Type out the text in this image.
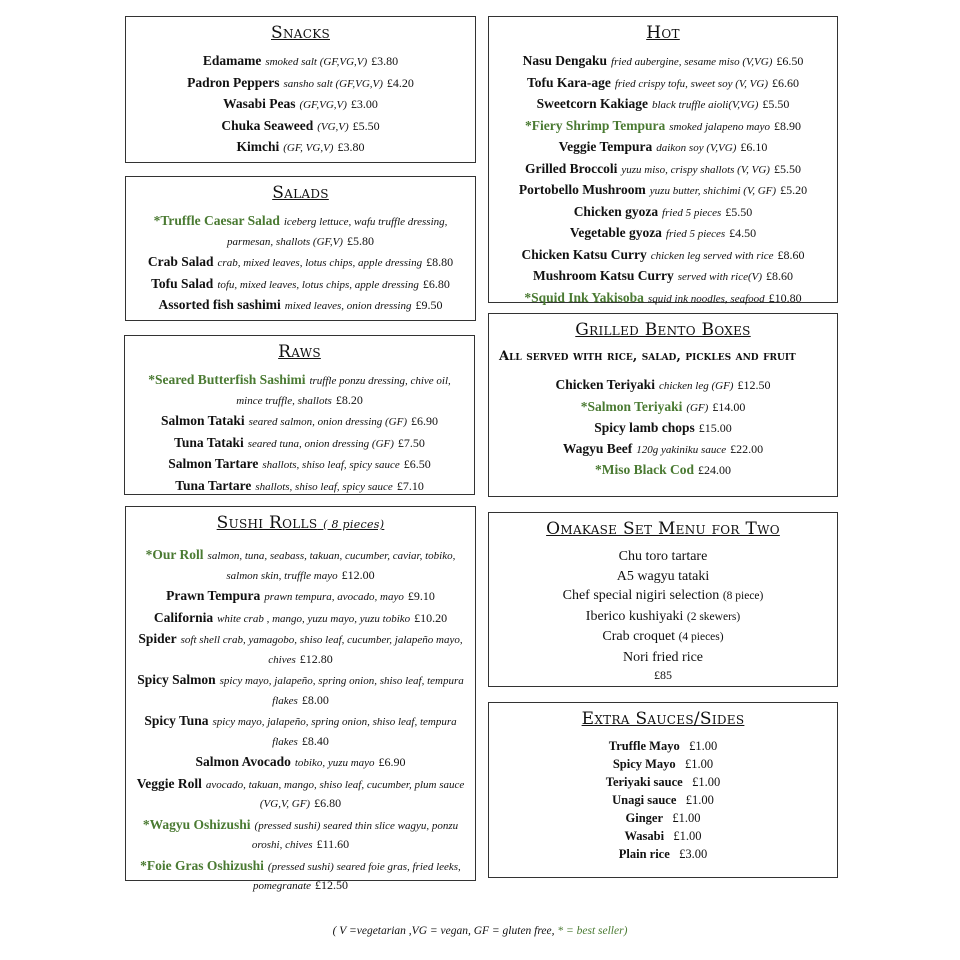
Snacks
Edamame smoked salt (GF,VG,V) £3.80
Padron Peppers sansho salt (GF,VG,V) £4.20
Wasabi Peas (GF,VG,V) £3.00
Chuka Seaweed (VG,V) £5.50
Kimchi (GF, VG,V) £3.80
Salads
*Truffle Caesar Salad iceberg lettuce, wafu truffle dressing, parmesan, shallots (GF,V) £5.80
Crab Salad crab, mixed leaves, lotus chips, apple dressing £8.80
Tofu Salad tofu, mixed leaves, lotus chips, apple dressing £6.80
Assorted fish sashimi mixed leaves, onion dressing £9.50
Raws
*Seared Butterfish Sashimi truffle ponzu dressing, chive oil, mince truffle, shallots £8.20
Salmon Tataki seared salmon, onion dressing (GF) £6.90
Tuna Tataki seared tuna, onion dressing (GF) £7.50
Salmon Tartare shallots, shiso leaf, spicy sauce £6.50
Tuna Tartare shallots, shiso leaf, spicy sauce £7.10
Sushi Rolls ( 8 pieces)
*Our Roll salmon, tuna, seabass, takuan, cucumber, caviar, tobiko, salmon skin, truffle mayo £12.00
Prawn Tempura prawn tempura, avocado, mayo £9.10
California white crab , mango, yuzu mayo, yuzu tobiko £10.20
Spider soft shell crab, yamagobo, shiso leaf, cucumber, jalapeño mayo, chives £12.80
Spicy Salmon spicy mayo, jalapeño, spring onion, shiso leaf, tempura flakes £8.00
Spicy Tuna spicy mayo, jalapeño, spring onion, shiso leaf, tempura flakes £8.40
Salmon Avocado tobiko, yuzu mayo £6.90
Veggie Roll avocado, takuan, mango, shiso leaf, cucumber, plum sauce (VG,V, GF) £6.80
*Wagyu Oshizushi (pressed sushi) seared thin slice wagyu, ponzu oroshi, chives £11.60
*Foie Gras Oshizushi (pressed sushi) seared foie gras, fried leeks, pomegranate £12.50
Hot
Nasu Dengaku fried aubergine, sesame miso (V,VG) £6.50
Tofu Kara-age fried crispy tofu, sweet soy (V, VG) £6.60
Sweetcorn Kakiage black truffle aioli(V,VG) £5.50
*Fiery Shrimp Tempura smoked jalapeno mayo £8.90
Veggie Tempura daikon soy (V,VG) £6.10
Grilled Broccoli yuzu miso, crispy shallots (V, VG) £5.50
Portobello Mushroom yuzu butter, shichimi (V, GF) £5.20
Chicken gyoza fried 5 pieces £5.50
Vegetable gyoza fried 5 pieces £4.50
Chicken Katsu Curry chicken leg served with rice £8.60
Mushroom Katsu Curry served with rice(V) £8.60
*Squid Ink Yakisoba squid ink noodles, seafood £10.80
Grilled Bento Boxes
All served with rice, salad, pickles and fruit
Chicken Teriyaki chicken leg (GF) £12.50
*Salmon Teriyaki (GF) £14.00
Spicy lamb chops £15.00
Wagyu Beef 120g yakiniku sauce £22.00
*Miso Black Cod £24.00
Omakase Set Menu for Two
Chu toro tartare
A5 wagyu tataki
Chef special nigiri selection (8 piece)
Iberico kushiyaki (2 skewers)
Crab croquet (4 pieces)
Nori fried rice
£85
Extra Sauces/Sides
Truffle Mayo £1.00
Spicy Mayo £1.00
Teriyaki sauce £1.00
Unagi sauce £1.00
Ginger £1.00
Wasabi £1.00
Plain rice £3.00
( V =vegetarian ,VG = vegan, GF = gluten free, * = best seller)
